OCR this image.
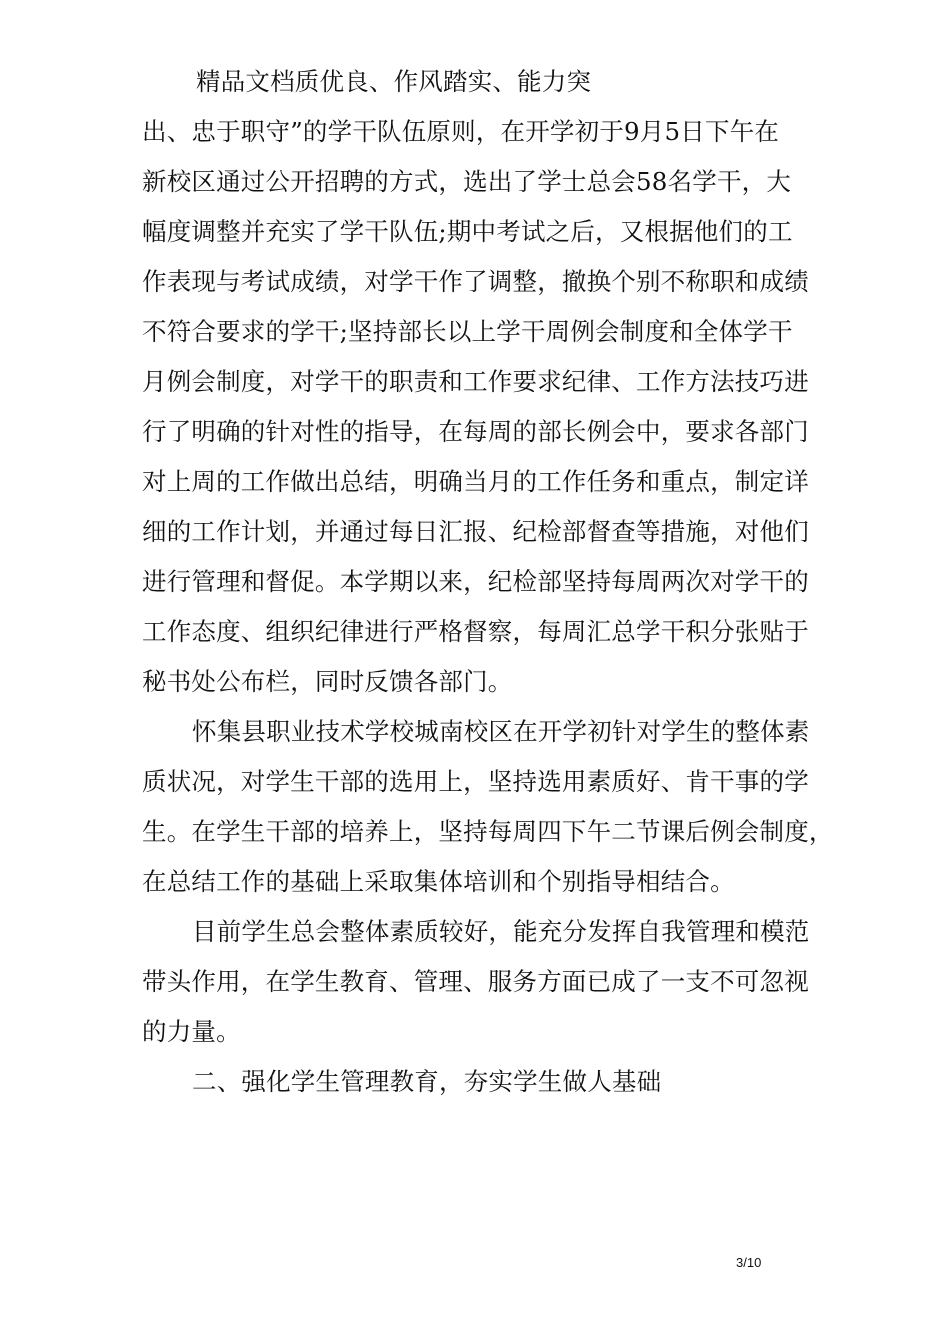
精品文档质优良、作风踏实、能力突
出、忠于职守”的学干队伍原则，在开学初于9月5日下午在
新校区通过公开招聘的方式，选出了学士总会58名学干，大
幅度调整并充实了学干队伍;期中考试之后，又根据他们的工
作表现与考试成绩，对学干作了调整，撤换个别不称职和成绩
不符合要求的学干;坚持部长以上学干周例会制度和全体学干
月例会制度，对学干的职责和工作要求纪律、工作方法技巧进
行了明确的针对性的指导，在每周的部长例会中，要求各部门
对上周的工作做出总结，明确当月的工作任务和重点，制定详
细的工作计划，并通过每日汇报、纪检部督查等措施，对他们
进行管理和督促。本学期以来，纪检部坚持每周两次对学干的
工作态度、组织纪律进行严格督察，每周汇总学干积分张贴于
秘书处公布栏，同时反馈各部门。
怀集县职业技术学校城南校区在开学初针对学生的整体素
质状况，对学生干部的选用上，坚持选用素质好、肯干事的学
生。在学生干部的培养上，坚持每周四下午二节课后例会制度，
在总结工作的基础上采取集体培训和个别指导相结合。
目前学生总会整体素质较好，能充分发挥自我管理和模范
带头作用，在学生教育、管理、服务方面已成了一支不可忽视
的力量。
二、强化学生管理教育，夯实学生做人基础
3/10
